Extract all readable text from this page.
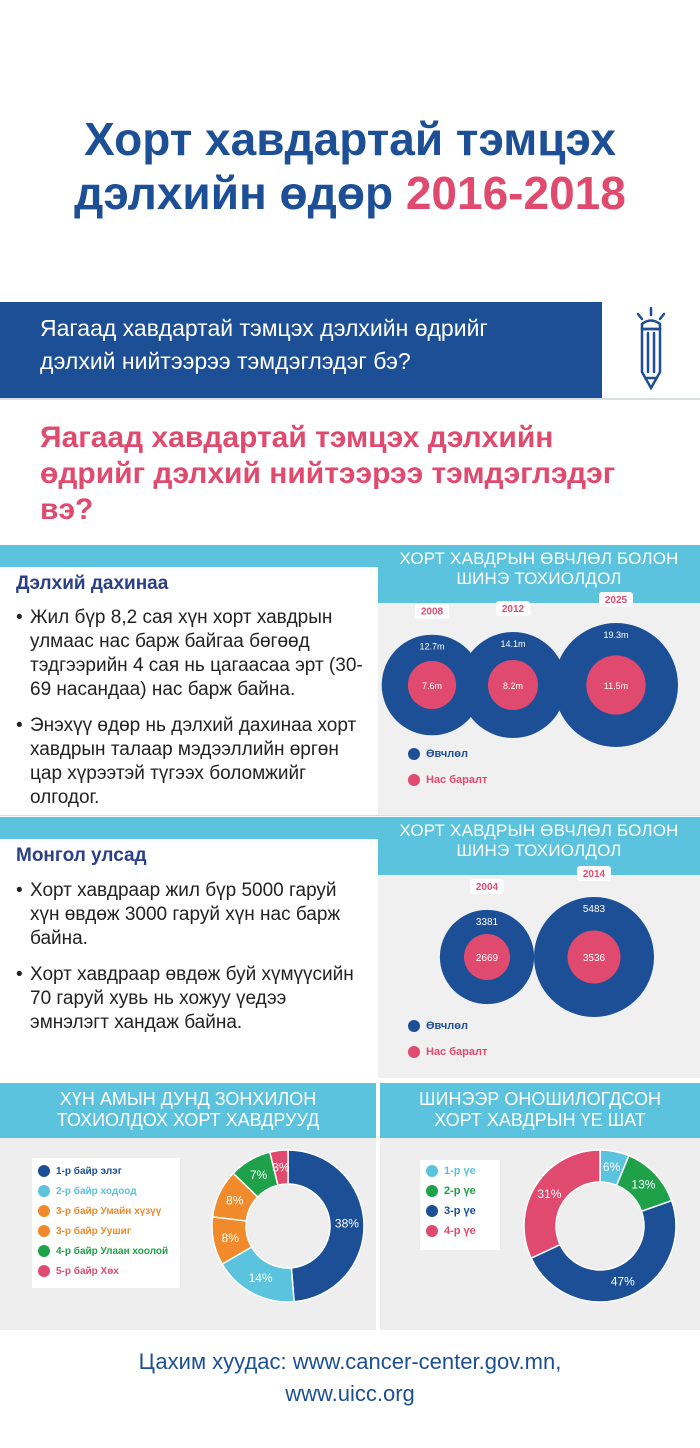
Хорт хавдартай тэмцэх
дэлхийн өдөр 2016-2018
Яагаад хавдартай тэмцэх дэлхийн өдрийг
дэлхий нийтээрээ тэмдэглэдэг бэ?
Яагаад хавдартай тэмцэх дэлхийн
өдрийг дэлхий нийтээрээ тэмдэглэдэг
вэ?
Дэлхий дахинаа
ХОРТ ХАВДРЫН ӨВЧЛӨЛ БОЛОН
ШИНЭ ТОХИОЛДОЛ
• Жил бүр 8,2 сая хүн хорт хавдрын улмаас нас барж байгаа бөгөөд тэдгээрийн 4 сая нь цагаасаа эрт (30-69 насандаа) нас барж байна.
• Энэхүү өдөр нь дэлхий дахинаа хорт хавдрын талаар мэдээллийн өргөн цар хүрээтэй түгээх боломжийг олгодог.
12.7m
7.6m
2008
14.1m
8.2m
2012
19.3m
11.5m
2025
Өвчлөл
Нас баралт
Монгол улсад
ХОРТ ХАВДРЫН ӨВЧЛӨЛ БОЛОН
ШИНЭ ТОХИОЛДОЛ
• Хорт хавдраар жил бүр 5000 гаруй хүн өвдөж 3000 гаруй хүн нас барж байна.
• Хорт хавдраар өвдөж буй хүмүүсийн 70 гаруй хувь нь хожуу үедээ эмнэлэгт хандаж байна.
3381
2669
2004
5483
3536
2014
Өвчлөл
Нас баралт
ХҮН АМЫН ДУНД ЗОНХИЛОН
ТОХИОЛДОХ ХОРТ ХАВДРУУД
ШИНЭЭР ОНОШИЛОГДСОН
ХОРТ ХАВДРЫН ҮЕ ШАТ
1-р байр элэг
2-р байр ходоод
3-р байр Умайн хүзүү
3-р байр Уушиг
4-р байр Улаан хоолой
5-р байр Хөх
38%
14%
8%
8%
7%
3%	1-р үе
2-р үе
3-р үе
4-р үе
6%
13%
47%
31%
Цахим хуудас: www.cancer-center.gov.mn,
www.uicc.org
